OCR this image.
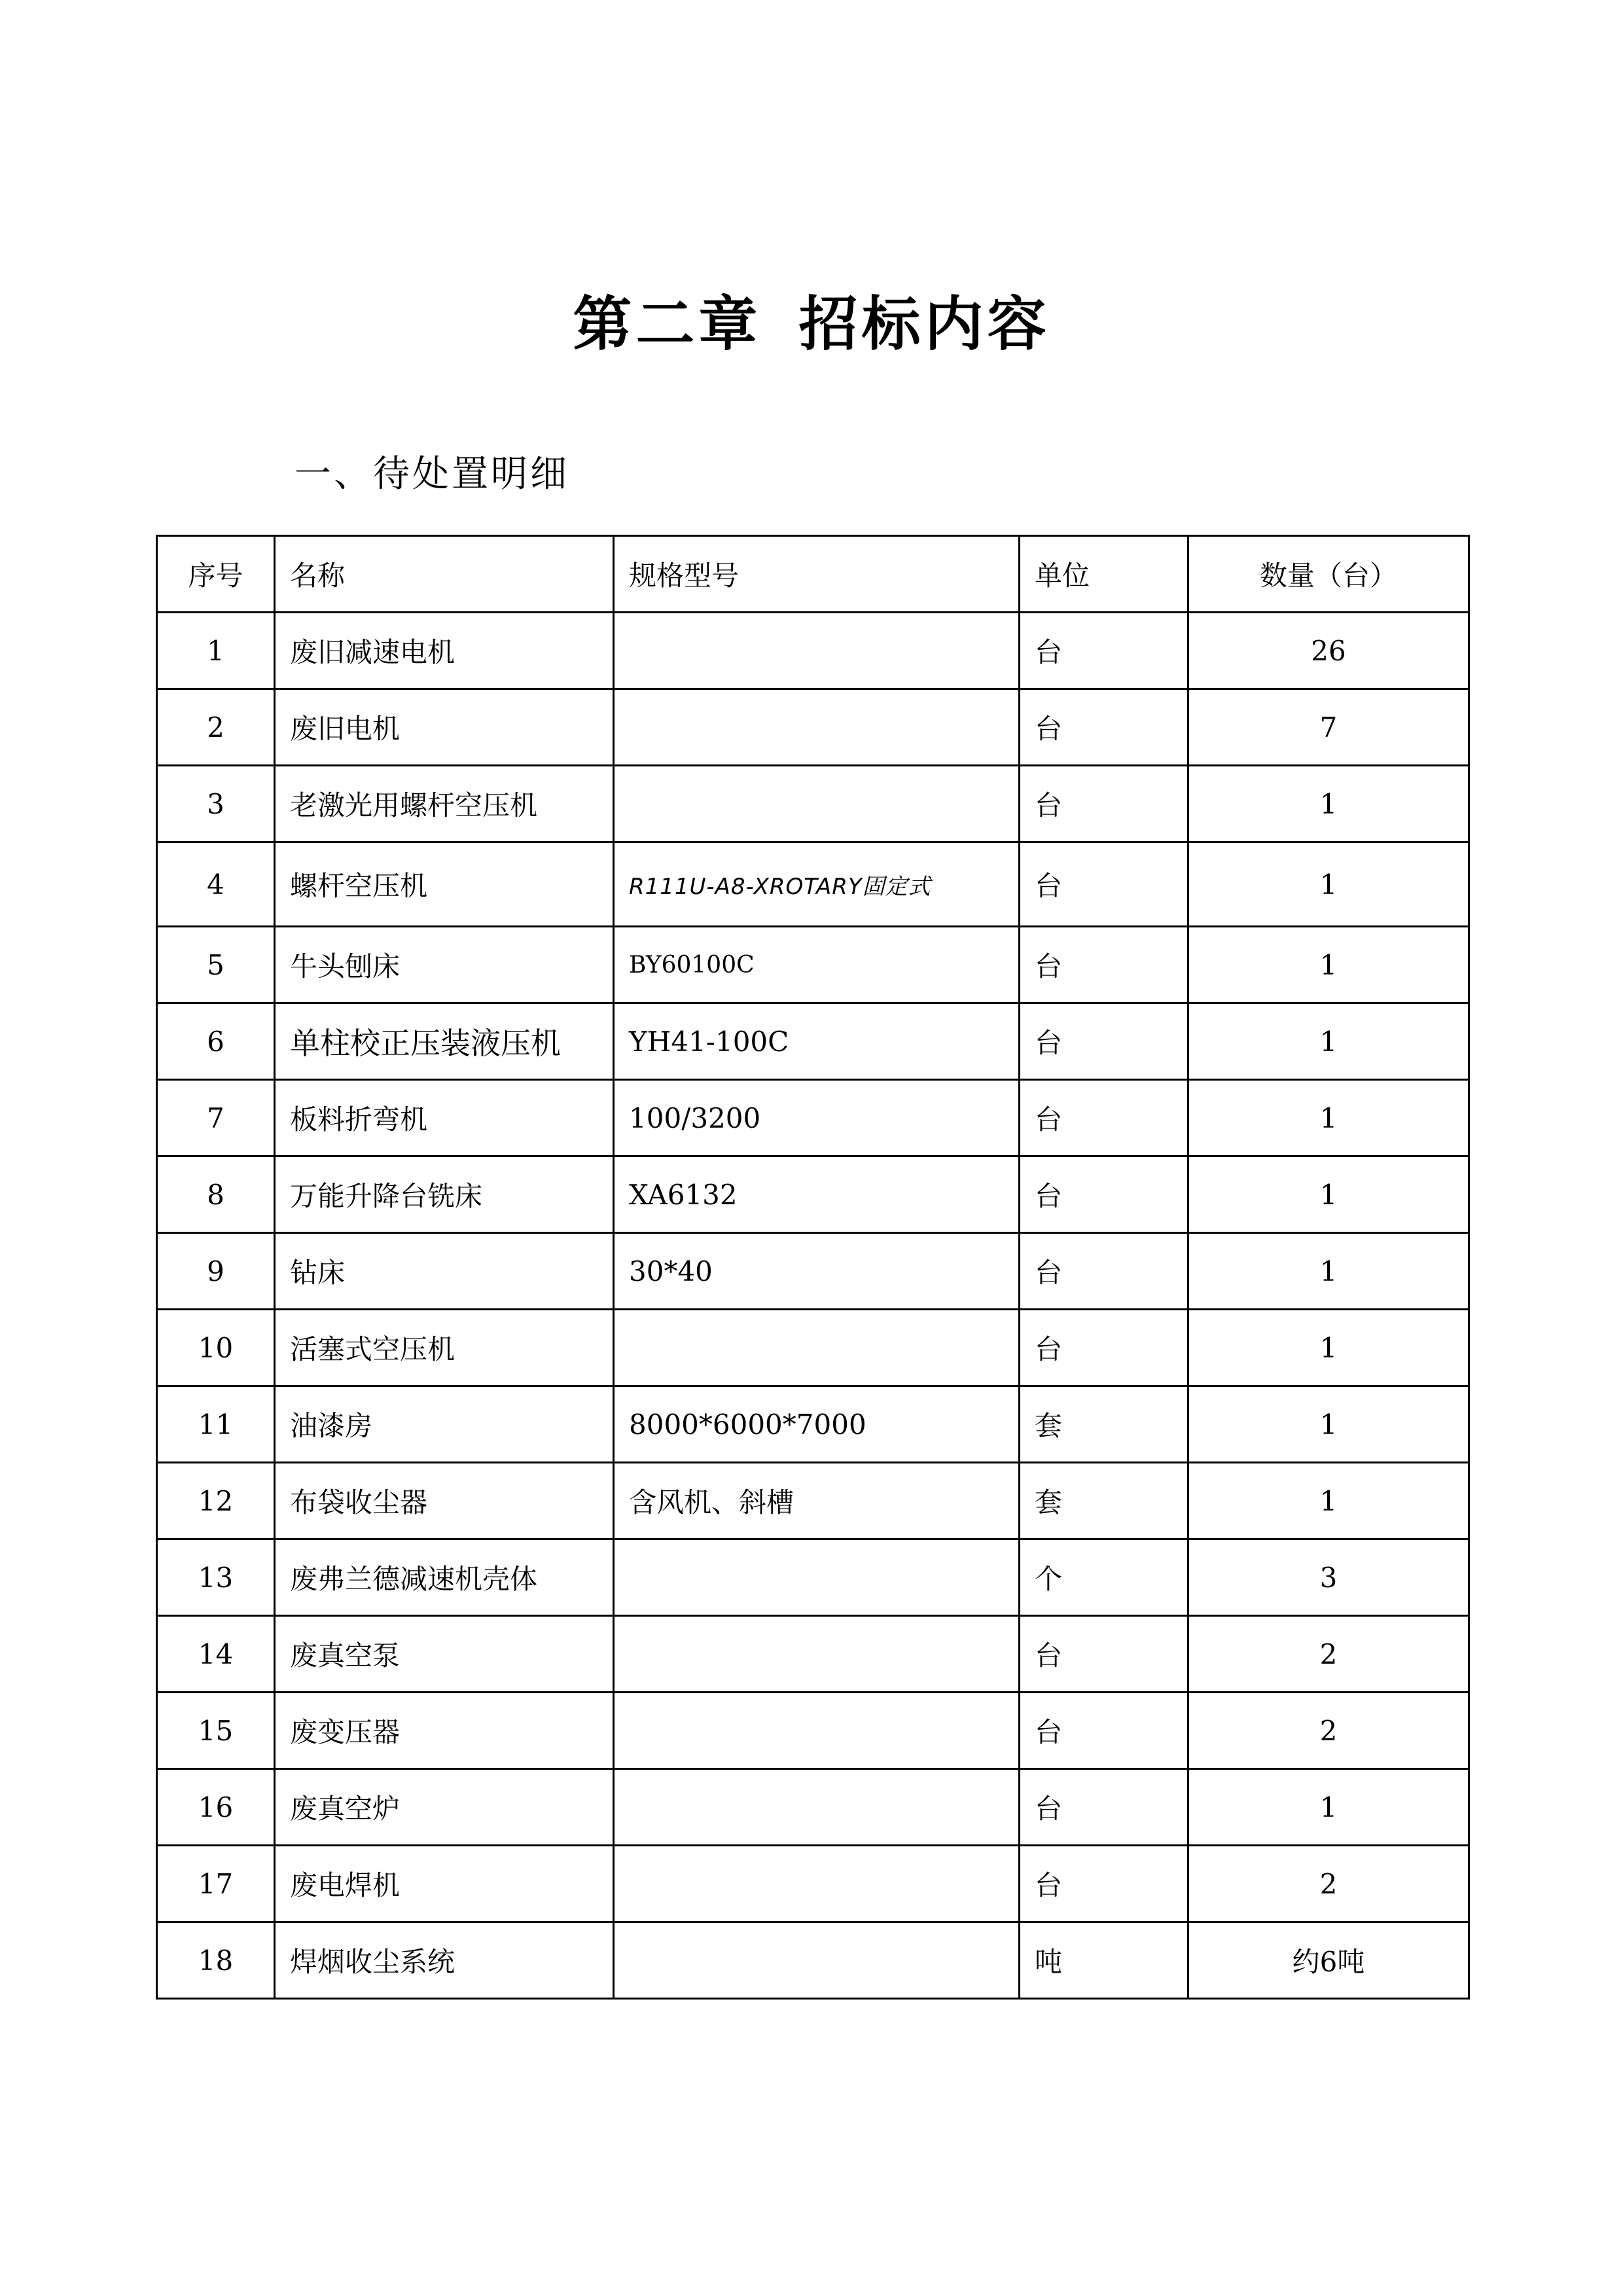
第二章 招标内容
一、待处置明细
序号	名称	规格型号	单位	数量（台）
1	废旧减速电机		台	26
2	废旧电机		台	7
3	老激光用螺杆空压机		台	1
4	螺杆空压机	R111U-A8-XROTARY固定式	台	1
5	牛头刨床	BY60100C	台	1
6	单柱校正压装液压机	YH41-100C	台	1
7	板料折弯机	100/3200	台	1
8	万能升降台铣床	XA6132	台	1
9	钻床	30*40	台	1
10	活塞式空压机		台	1
11	油漆房	8000*6000*7000	套	1
12	布袋收尘器	含风机、斜槽	套	1
13	废弗兰德减速机壳体		个	3
14	废真空泵		台	2
15	废变压器		台	2
16	废真空炉		台	1
17	废电焊机		台	2
18	焊烟收尘系统		吨	约6吨
